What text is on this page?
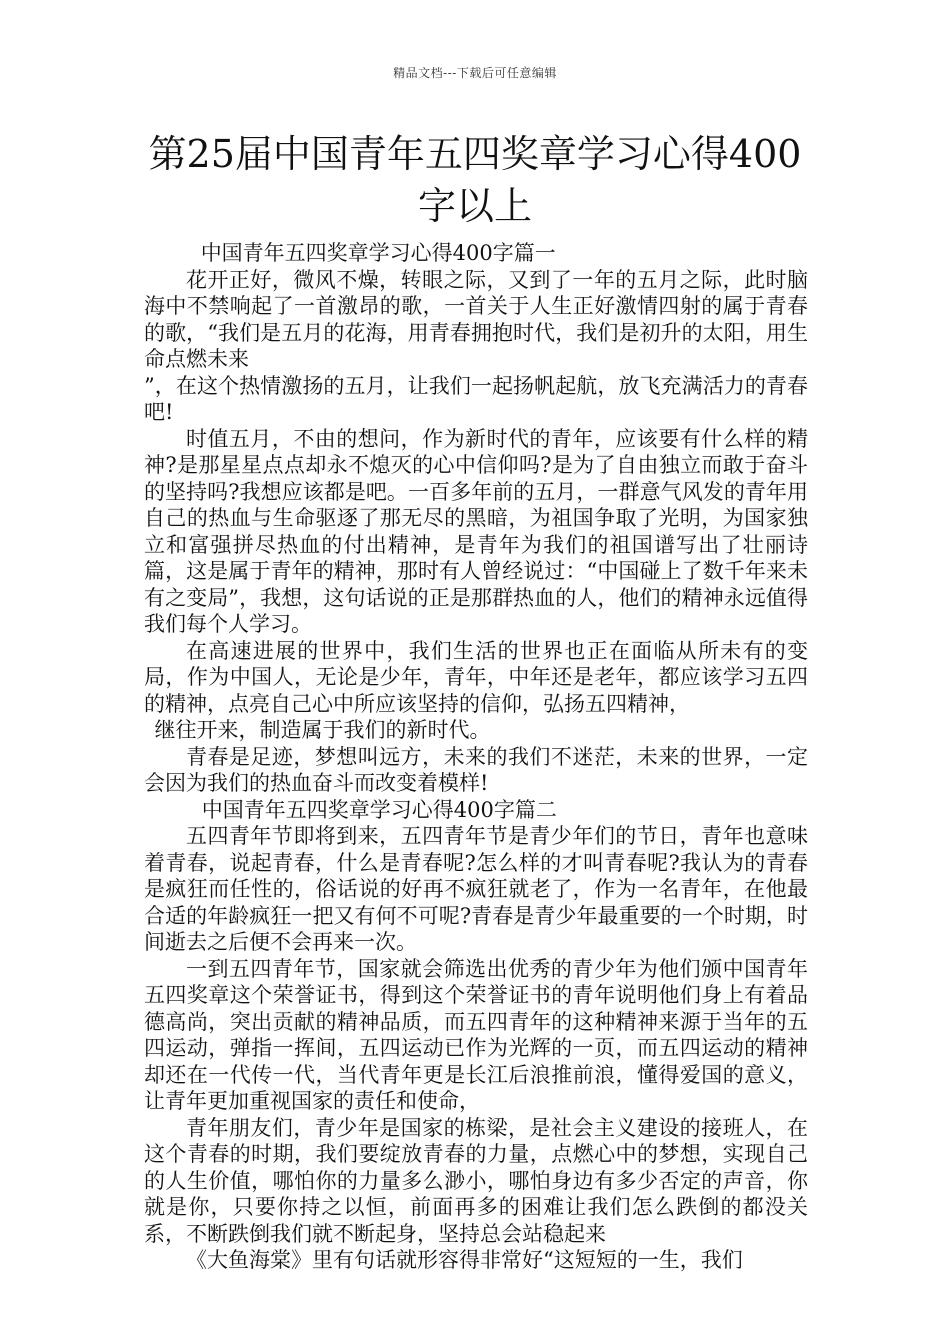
精品文档---下载后可任意编辑
第25届中国青年五四奖章学习心得400字以上

中国青年五四奖章学习心得400字篇一

花开正好，微风不燥，转眼之际，又到了一年的五月之际，此时脑海中不禁响起了一首激昂的歌，一首关于人生正好激情四射的属于青春的歌，“我们是五月的花海，用青春拥抱时代，我们是初升的太阳，用生命点燃未来

”，在这个热情激扬的五月，让我们一起扬帆起航，放飞充满活力的青春吧!

时值五月，不由的想问，作为新时代的青年，应该要有什么样的精神?是那星星点点却永不熄灭的心中信仰吗?是为了自由独立而敢于奋斗的坚持吗?我想应该都是吧。一百多年前的五月，一群意气风发的青年用自己的热血与生命驱逐了那无尽的黑暗，为祖国争取了光明，为国家独立和富强拼尽热血的付出精神，是青年为我们的祖国谱写出了壮丽诗篇，这是属于青年的精神，那时有人曾经说过：“中国碰上了数千年来未有之变局”，我想，这句话说的正是那群热血的人，他们的精神永远值得我们每个人学习。

在高速进展的世界中，我们生活的世界也正在面临从所未有的变局，作为中国人，无论是少年，青年，中年还是老年，都应该学习五四的精神，点亮自己心中所应该坚持的信仰，弘扬五四精神，

继往开来，制造属于我们的新时代。

青春是足迹，梦想叫远方，未来的我们不迷茫，未来的世界，一定会因为我们的热血奋斗而改变着模样!

中国青年五四奖章学习心得400字篇二

五四青年节即将到来，五四青年节是青少年们的节日，青年也意味着青春，说起青春，什么是青春呢?怎么样的才叫青春呢?我认为的青春是疯狂而任性的，俗话说的好再不疯狂就老了，作为一名青年，在他最合适的年龄疯狂一把又有何不可呢?青春是青少年最重要的一个时期，时间逝去之后便不会再来一次。

一到五四青年节，国家就会筛选出优秀的青少年为他们颁中国青年五四奖章这个荣誉证书，得到这个荣誉证书的青年说明他们身上有着品德高尚，突出贡献的精神品质，而五四青年的这种精神来源于当年的五四运动，弹指一挥间，五四运动已作为光辉的一页，而五四运动的精神却还在一代传一代，当代青年更是长江后浪推前浪，懂得爱国的意义，让青年更加重视国家的责任和使命，

青年朋友们，青少年是国家的栋梁，是社会主义建设的接班人，在这个青春的时期，我们要绽放青春的力量，点燃心中的梦想，实现自己的人生价值，哪怕你的力量多么渺小，哪怕身边有多少否定的声音，你就是你，只要你持之以恒，前面再多的困难让我们怎么跌倒的都没关系，不断跌倒我们就不断起身，坚持总会站稳起来

《大鱼海棠》里有句话就形容得非常好“这短短的一生，我们
